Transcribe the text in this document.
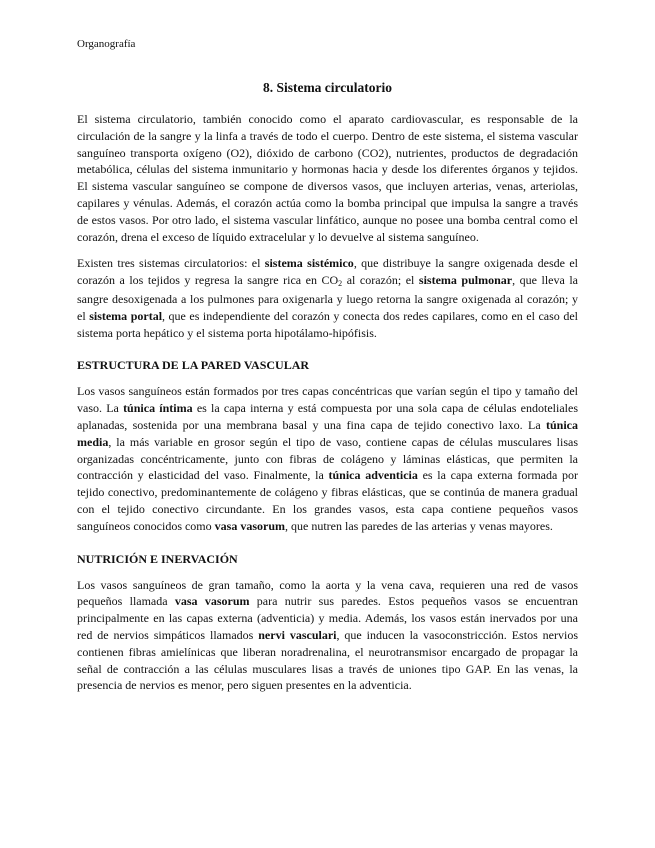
Organografía
8. Sistema circulatorio

El sistema circulatorio, también conocido como el aparato cardiovascular, es responsable de la circulación de la sangre y la linfa a través de todo el cuerpo. Dentro de este sistema, el sistema vascular sanguíneo transporta oxígeno (O2), dióxido de carbono (CO2), nutrientes, productos de degradación metabólica, células del sistema inmunitario y hormonas hacia y desde los diferentes órganos y tejidos. El sistema vascular sanguíneo se compone de diversos vasos, que incluyen arterias, venas, arteriolas, capilares y vénulas. Además, el corazón actúa como la bomba principal que impulsa la sangre a través de estos vasos. Por otro lado, el sistema vascular linfático, aunque no posee una bomba central como el corazón, drena el exceso de líquido extracelular y lo devuelve al sistema sanguíneo.

Existen tres sistemas circulatorios: el sistema sistémico, que distribuye la sangre oxigenada desde el corazón a los tejidos y regresa la sangre rica en $CO_2$ al corazón; el sistema pulmonar, que lleva la sangre desoxigenada a los pulmones para oxigenarla y luego retorna la sangre oxigenada al corazón; y el sistema portal, que es independiente del corazón y conecta dos redes capilares, como en el caso del sistema porta hepático y el sistema porta hipotálamo-hipófisis.

ESTRUCTURA DE LA PARED VASCULAR

Los vasos sanguíneos están formados por tres capas concéntricas que varían según el tipo y tamaño del vaso. La túnica íntima es la capa interna y está compuesta por una sola capa de células endoteliales aplanadas, sostenida por una membrana basal y una fina capa de tejido conectivo laxo. La túnica media, la más variable en grosor según el tipo de vaso, contiene capas de células musculares lisas organizadas concéntricamente, junto con fibras de colágeno y láminas elásticas, que permiten la contracción y elasticidad del vaso. Finalmente, la túnica adventicia es la capa externa formada por tejido conectivo, predominantemente de colágeno y fibras elásticas, que se continúa de manera gradual con el tejido conectivo circundante. En los grandes vasos, esta capa contiene pequeños vasos sanguíneos conocidos como vasa vasorum, que nutren las paredes de las arterias y venas mayores.

NUTRICIÓN E INERVACIÓN

Los vasos sanguíneos de gran tamaño, como la aorta y la vena cava, requieren una red de vasos pequeños llamada vasa vasorum para nutrir sus paredes. Estos pequeños vasos se encuentran principalmente en las capas externa (adventicia) y media. Además, los vasos están inervados por una red de nervios simpáticos llamados nervi vasculari, que inducen la vasoconstricción. Estos nervios contienen fibras amielínicas que liberan noradrenalina, el neurotransmisor encargado de propagar la señal de contracción a las células musculares lisas a través de uniones tipo GAP. En las venas, la presencia de nervios es menor, pero siguen presentes en la adventicia.
